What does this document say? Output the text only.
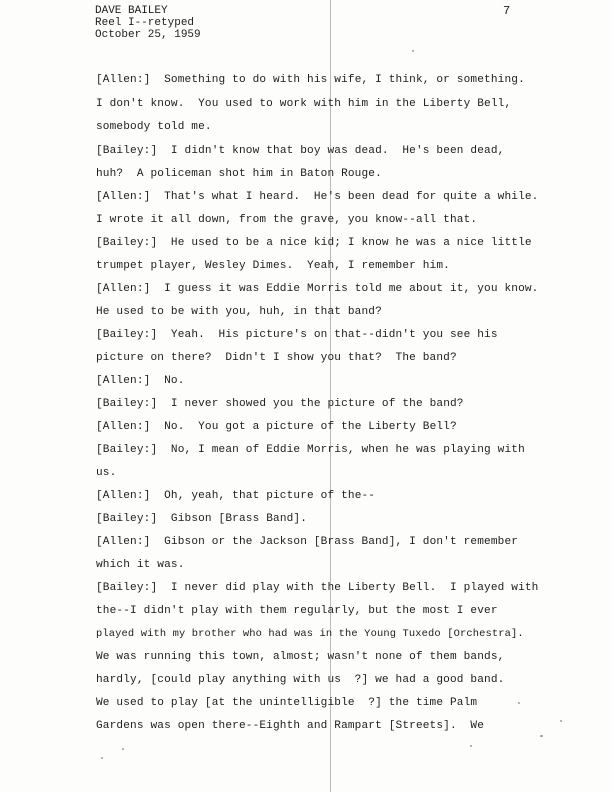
DAVE BAILEY
Reel I--retyped
October 25, 1959
7
[Allen:]  Something to do with his wife, I think, or something.
I don't know.  You used to work with him in the Liberty Bell,
somebody told me.
[Bailey:]  I didn't know that boy was dead.  He's been dead,
huh?  A policeman shot him in Baton Rouge.
[Allen:]  That's what I heard.  He's been dead for quite a while.
I wrote it all down, from the grave, you know--all that.
[Bailey:]  He used to be a nice kid; I know he was a nice little
trumpet player, Wesley Dimes.  Yeah, I remember him.
[Allen:]  I guess it was Eddie Morris told me about it, you know.
He used to be with you, huh, in that band?
[Bailey:]  Yeah.  His picture's on that--didn't you see his
picture on there?  Didn't I show you that?  The band?
[Allen:]  No.
[Bailey:]  I never showed you the picture of the band?
[Allen:]  No.  You got a picture of the Liberty Bell?
[Bailey:]  No, I mean of Eddie Morris, when he was playing with
us.
[Allen:]  Oh, yeah, that picture of the--
[Bailey:]  Gibson [Brass Band].
[Allen:]  Gibson or the Jackson [Brass Band], I don't remember
which it was.
[Bailey:]  I never did play with the Liberty Bell.  I played with
the--I didn't play with them regularly, but the most I ever
played with my brother who had was in the Young Tuxedo [Orchestra].
We was running this town, almost; wasn't none of them bands,
hardly, [could play anything with us  ?] we had a good band.
We used to play [at the unintelligible  ?] the time Palm
Gardens was open there--Eighth and Rampart [Streets].  We
